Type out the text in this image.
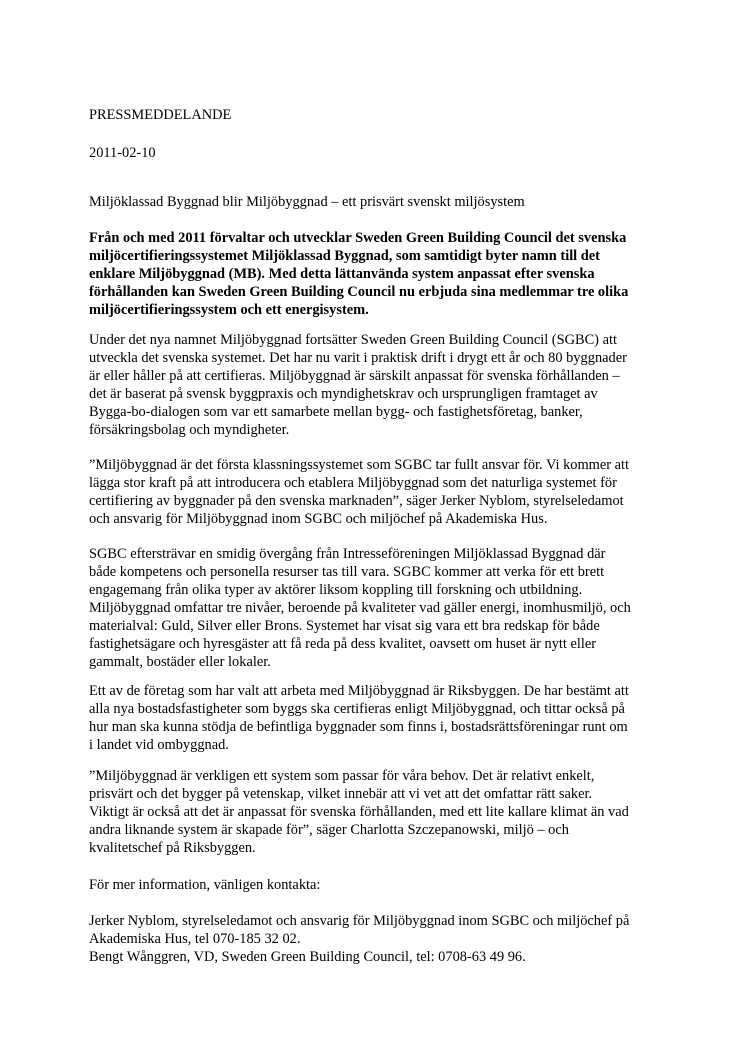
PRESSMEDDELANDE
2011-02-10
Miljöklassad Byggnad blir Miljöbyggnad – ett prisvärt svenskt miljösystem
Från och med 2011 förvaltar och utvecklar Sweden Green Building Council det svenska
miljöcertifieringssystemet Miljöklassad Byggnad, som samtidigt byter namn till det
enklare Miljöbyggnad (MB). Med detta lättanvända system anpassat efter svenska
förhållanden kan Sweden Green Building Council nu erbjuda sina medlemmar tre olika
miljöcertifieringssystem och ett energisystem.
Under det nya namnet Miljöbyggnad fortsätter Sweden Green Building Council (SGBC) att
utveckla det svenska systemet. Det har nu varit i praktisk drift i drygt ett år och 80 byggnader
är eller håller på att certifieras. Miljöbyggnad är särskilt anpassat för svenska förhållanden –
det är baserat på svensk byggpraxis och myndighetskrav och ursprungligen framtaget av
Bygga-bo-dialogen som var ett samarbete mellan bygg- och fastighetsföretag, banker,
försäkringsbolag och myndigheter.
”Miljöbyggnad är det första klassningssystemet som SGBC tar fullt ansvar för. Vi kommer att
lägga stor kraft på att introducera och etablera Miljöbyggnad som det naturliga systemet för
certifiering av byggnader på den svenska marknaden”, säger Jerker Nyblom, styrelseledamot
och ansvarig för Miljöbyggnad inom SGBC och miljöchef på Akademiska Hus.
SGBC eftersträvar en smidig övergång från Intresseföreningen Miljöklassad Byggnad där
både kompetens och personella resurser tas till vara. SGBC kommer att verka för ett brett
engagemang från olika typer av aktörer liksom koppling till forskning och utbildning.
Miljöbyggnad omfattar tre nivåer, beroende på kvaliteter vad gäller energi, inomhusmiljö, och
materialval: Guld, Silver eller Brons. Systemet har visat sig vara ett bra redskap för både
fastighetsägare och hyresgäster att få reda på dess kvalitet, oavsett om huset är nytt eller
gammalt, bostäder eller lokaler.
Ett av de företag som har valt att arbeta med Miljöbyggnad är Riksbyggen. De har bestämt att
alla nya bostadsfastigheter som byggs ska certifieras enligt Miljöbyggnad, och tittar också på
hur man ska kunna stödja de befintliga byggnader som finns i, bostadsrättsföreningar runt om
i landet vid ombyggnad.
”Miljöbyggnad är verkligen ett system som passar för våra behov. Det är relativt enkelt,
prisvärt och det bygger på vetenskap, vilket innebär att vi vet att det omfattar rätt saker.
Viktigt är också att det är anpassat för svenska förhållanden, med ett lite kallare klimat än vad
andra liknande system är skapade för”, säger Charlotta Szczepanowski, miljö – och
kvalitetschef på Riksbyggen.
För mer information, vänligen kontakta:
Jerker Nyblom, styrelseledamot och ansvarig för Miljöbyggnad inom SGBC och miljöchef på
Akademiska Hus, tel 070-185 32 02.
Bengt Wånggren, VD, Sweden Green Building Council, tel: 0708-63 49 96.
